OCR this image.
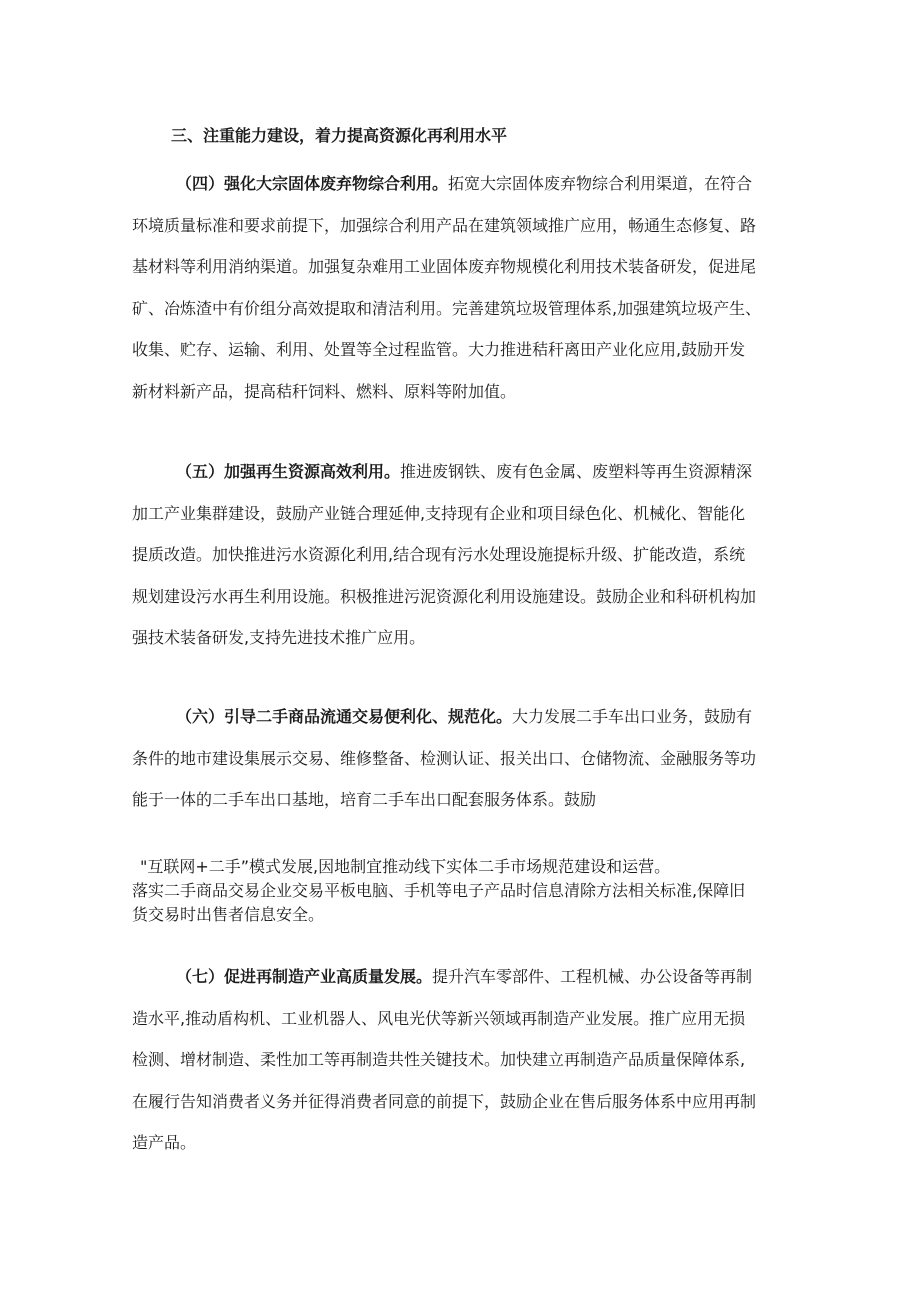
三、注重能力建设，着力提高资源化再利用水平
（四）强化大宗固体废弃物综合利用。拓宽大宗固体废弃物综合利用渠道，在符合
环境质量标准和要求前提下，加强综合利用产品在建筑领域推广应用，畅通生态修复、路
基材料等利用消纳渠道。加强复杂难用工业固体废弃物规模化利用技术装备研发，促进尾
矿、冶炼渣中有价组分高效提取和清洁利用。完善建筑垃圾管理体系,加强建筑垃圾产生、
收集、贮存、运输、利用、处置等全过程监管。大力推进秸秆离田产业化应用,鼓励开发
新材料新产品，提高秸秆饲料、燃料、原料等附加值。
（五）加强再生资源高效利用。推进废钢铁、废有色金属、废塑料等再生资源精深
加工产业集群建设，鼓励产业链合理延伸,支持现有企业和项目绿色化、机械化、智能化
提质改造。加快推进污水资源化利用,结合现有污水处理设施提标升级、扩能改造，系统
规划建设污水再生利用设施。积极推进污泥资源化利用设施建设。鼓励企业和科研机构加
强技术装备研发,支持先进技术推广应用。
（六）引导二手商品流通交易便利化、规范化。大力发展二手车出口业务，鼓励有
条件的地市建设集展示交易、维修整备、检测认证、报关出口、仓储物流、金融服务等功
能于一体的二手车出口基地，培育二手车出口配套服务体系。鼓励
"互联网+二手”模式发展,因地制宜推动线下实体二手市场规范建设和运营。
落实二手商品交易企业交易平板电脑、手机等电子产品时信息清除方法相关标准,保障旧
货交易时出售者信息安全。
（七）促进再制造产业高质量发展。提升汽车零部件、工程机械、办公设备等再制
造水平,推动盾构机、工业机器人、风电光伏等新兴领域再制造产业发展。推广应用无损
检测、增材制造、柔性加工等再制造共性关键技术。加快建立再制造产品质量保障体系,
在履行告知消费者义务并征得消费者同意的前提下，鼓励企业在售后服务体系中应用再制
造产品。
